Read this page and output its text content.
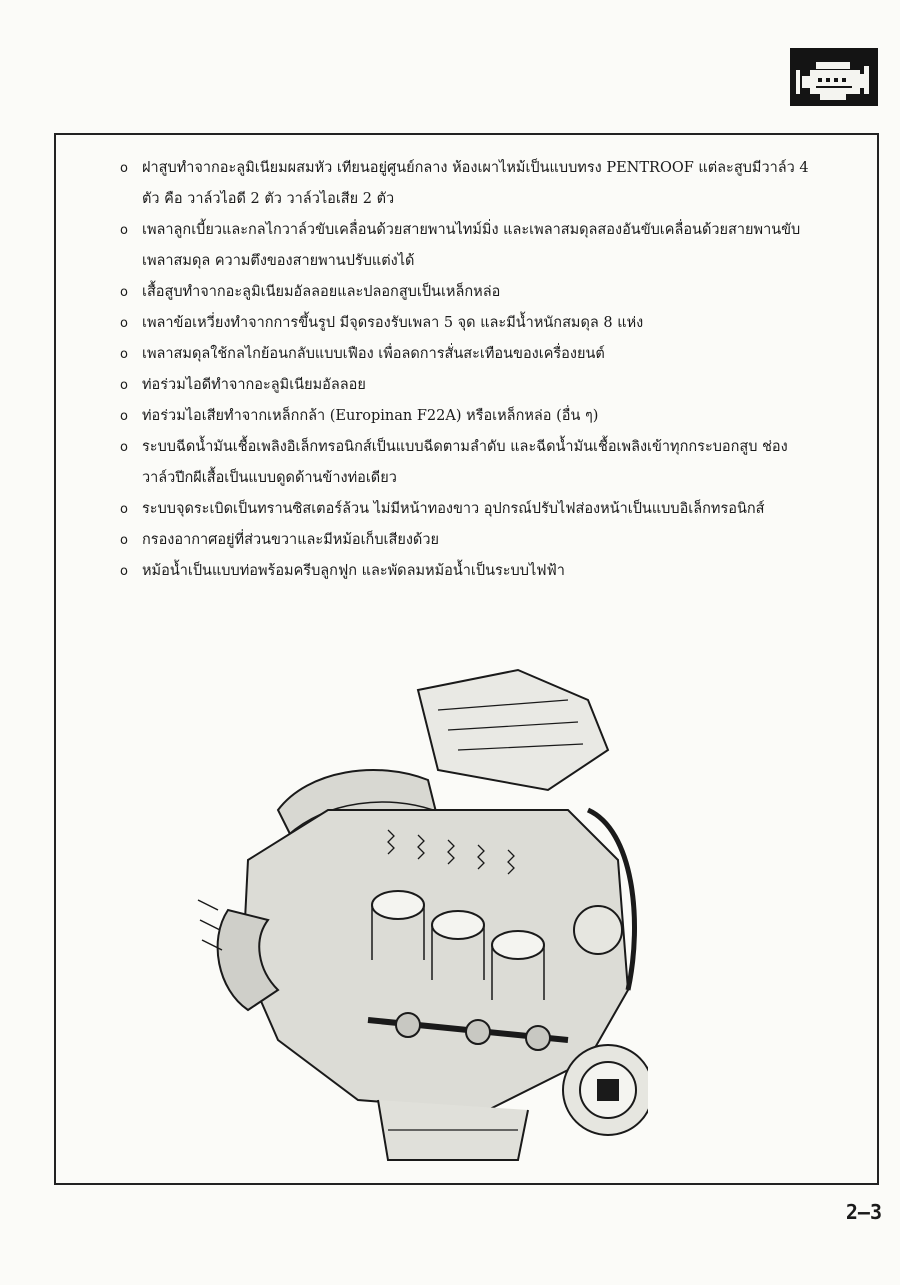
o ฝาสูบทำจากอะลูมิเนียมผสมหัว เทียนอยู่ศูนย์กลาง ห้องเผาไหม้เป็นแบบทรง PENTROOF แต่ละสูบมีวาล์ว 4 ตัว คือ วาล์วไอดี 2 ตัว วาล์วไอเสีย 2 ตัว
o เพลาลูกเบี้ยวและกลไกวาล์วขับเคลื่อนด้วยสายพานไทม์มิ่ง และเพลาสมดุลสองอันขับเคลื่อนด้วยสายพานขับเพลาสมดุล ความตึงของสายพานปรับแต่งได้
o เสื้อสูบทำจากอะลูมิเนียมอัลลอยและปลอกสูบเป็นเหล็กหล่อ
o เพลาข้อเหวี่ยงทำจากการขึ้นรูป มีจุดรองรับเพลา 5 จุด และมีน้ำหนักสมดุล 8 แห่ง
o เพลาสมดุลใช้กลไกย้อนกลับแบบเฟือง เพื่อลดการสั่นสะเทือนของเครื่องยนต์
o ท่อร่วมไอดีทำจากอะลูมิเนียมอัลลอย
o ท่อร่วมไอเสียทำจากเหล็กกล้า (Europinan F22A) หรือเหล็กหล่อ (อื่น ๆ)
o ระบบฉีดน้ำมันเชื้อเพลิงอิเล็กทรอนิกส์เป็นแบบฉีดตามลำดับ และฉีดน้ำมันเชื้อเพลิงเข้าทุกกระบอกสูบ ช่องวาล์วปีกผีเสื้อเป็นแบบดูดด้านข้างท่อเดียว
o ระบบจุดระเบิดเป็นทรานซิสเตอร์ล้วน ไม่มีหน้าทองขาว อุปกรณ์ปรับไฟส่องหน้าเป็นแบบอิเล็กทรอนิกส์
o กรองอากาศอยู่ที่ส่วนขวาและมีหม้อเก็บเสียงด้วย
o หม้อน้ำเป็นแบบท่อพร้อมครีบลูกฟูก และพัดลมหม้อน้ำเป็นระบบไฟฟ้า
2–3
